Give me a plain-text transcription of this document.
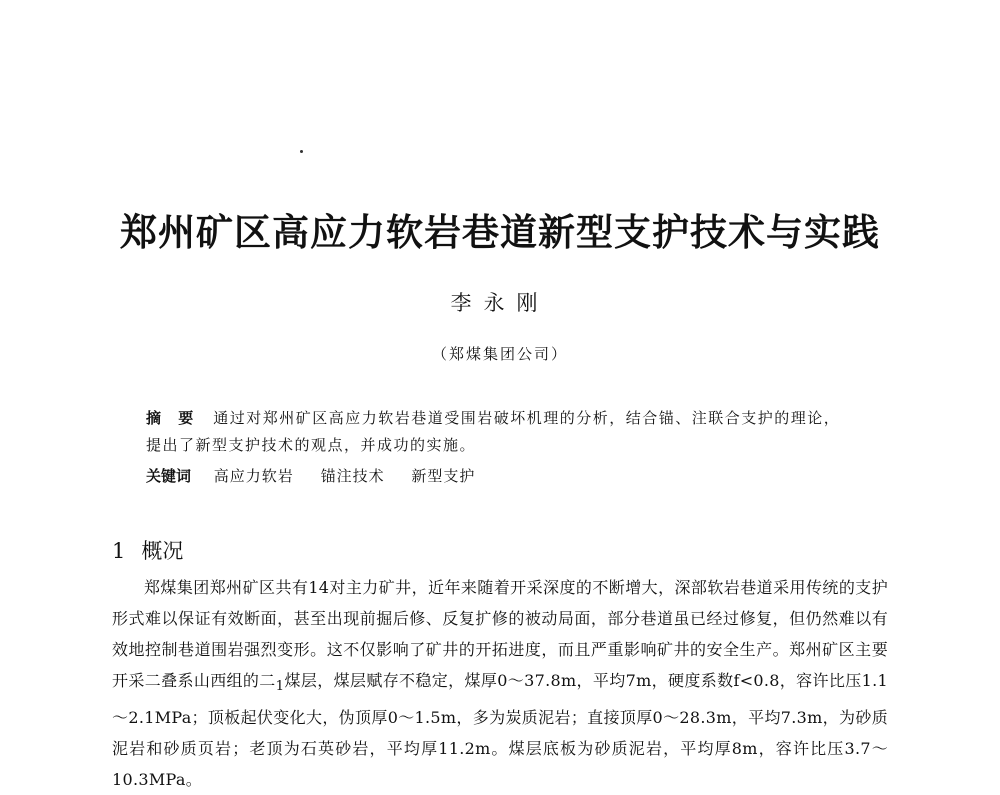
郑州矿区高应力软岩巷道新型支护技术与实践
李永刚
（郑煤集团公司）
摘 要 通过对郑州矿区高应力软岩巷道受围岩破坏机理的分析，结合锚、注联合支护的理论，提出了新型支护技术的观点，并成功的实施。
关键词 高应力软岩 锚注技术 新型支护
1 概况

郑煤集团郑州矿区共有14对主力矿井，近年来随着开采深度的不断增大，深部软岩巷道采用传统的支护形式难以保证有效断面，甚至出现前掘后修、反复扩修的被动局面，部分巷道虽已经过修复，但仍然难以有效地控制巷道围岩强烈变形。这不仅影响了矿井的开拓进度，而且严重影响矿井的安全生产。郑州矿区主要开采二叠系山西组的二$_1$煤层，煤层赋存不稳定，煤厚0～37.8m，平均7m，硬度系数f<0.8，容许比压1.1～2.1MPa；顶板起伏变化大，伪顶厚0～1.5m，多为炭质泥岩；直接顶厚0～28.3m，平均7.3m，为砂质泥岩和砂质页岩；老顶为石英砂岩，平均厚11.2m。煤层底板为砂质泥岩，平均厚8m，容许比压3.7～10.3MPa。
